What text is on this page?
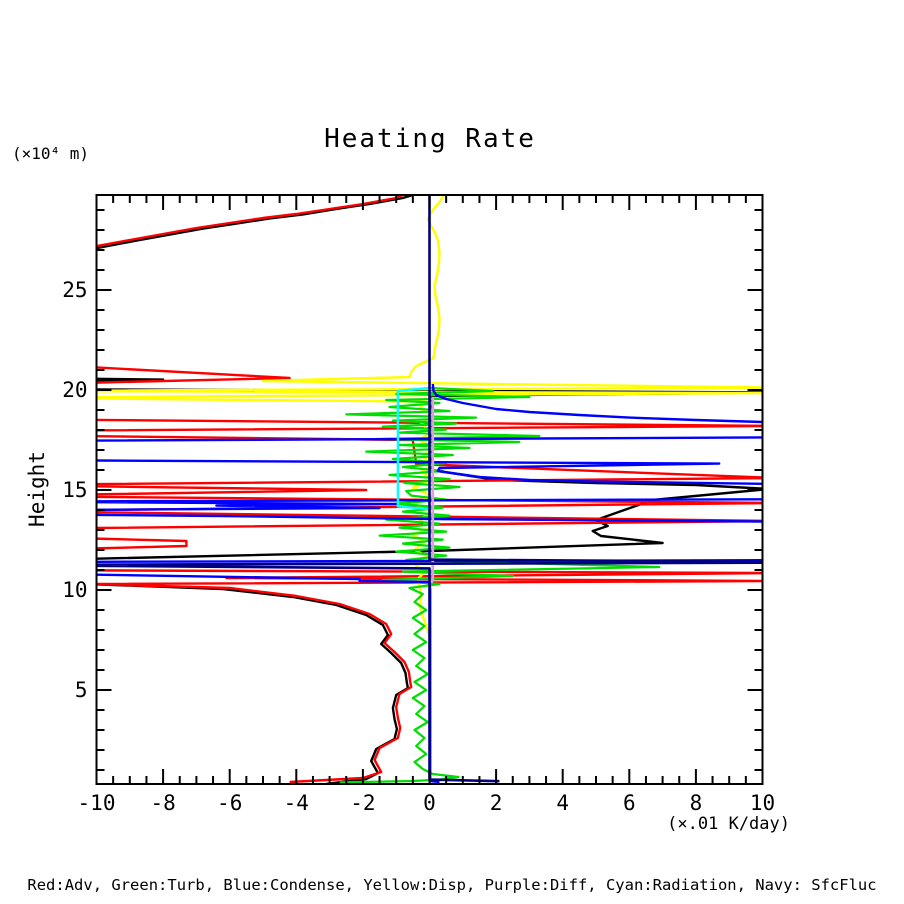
-10 -8 -6 -4 -2 0	2	4	6	8 10
5
10
15
20
25
(×10⁴ m)	Heating Rate
Height
(×.01 K/day)
Red:Adv, Green:Turb, Blue:Condense, Yellow:Disp, Purple:Diff, Cyan:Radiation, Navy: SfcFluc
